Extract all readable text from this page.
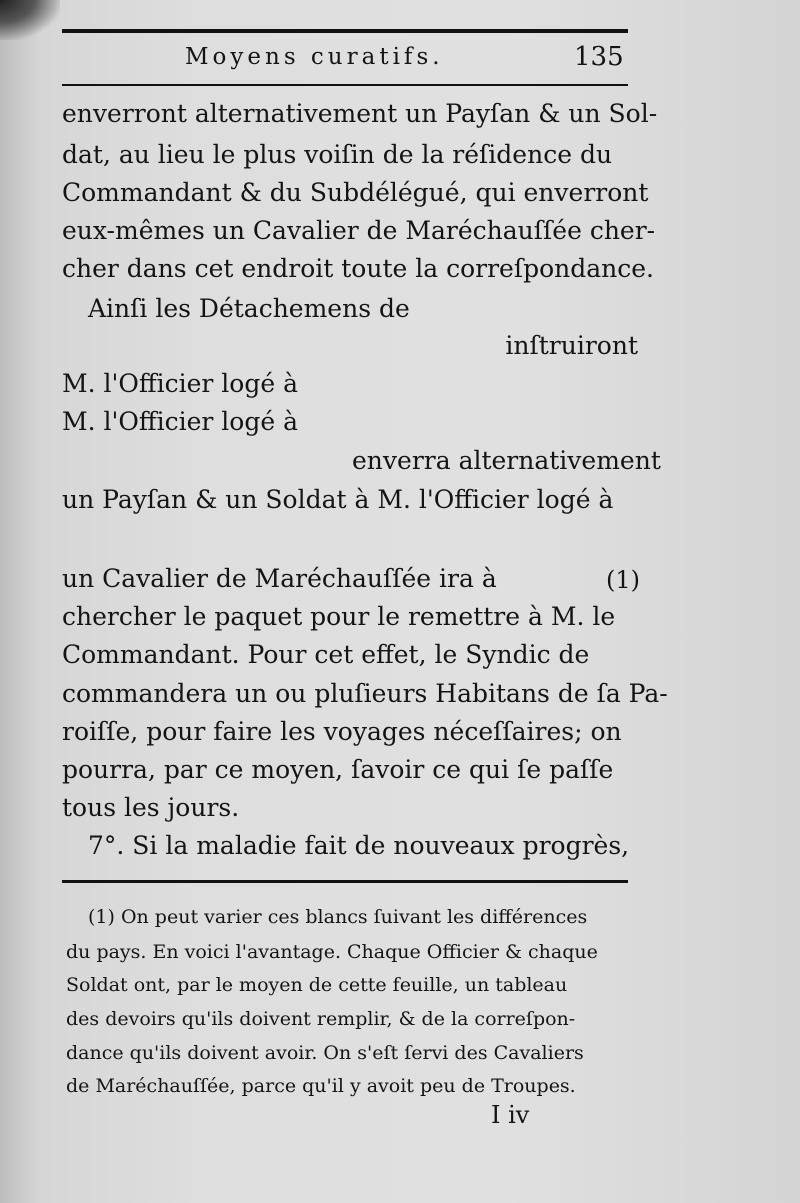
Moyens curatifs.	135
enverront alternativement un Payſan & un Sol-
dat, au lieu le plus voiſin de la réſidence du
Commandant & du Subdélégué, qui enverront
eux-mêmes un Cavalier de Maréchauſſée cher-
cher dans cet endroit toute la correſpondance.
Ainſi les Détachemens de
inſtruiront
M. l'Officier logé à
M. l'Officier logé à
enverra alternativement
un Payſan & un Soldat à M. l'Officier logé à
un Cavalier de Maréchauſſée ira à	(1)
chercher le paquet pour le remettre à M. le
Commandant. Pour cet effet, le Syndic de
commandera un ou pluſieurs Habitans de ſa Pa-
roiſſe, pour faire les voyages néceſſaires; on
pourra, par ce moyen, ſavoir ce qui ſe paſſe
tous les jours.
7°. Si la maladie fait de nouveaux progrès,
(1) On peut varier ces blancs ſuivant les différences
du pays. En voici l'avantage. Chaque Officier & chaque
Soldat ont, par le moyen de cette feuille, un tableau
des devoirs qu'ils doivent remplir, & de la correſpon-
dance qu'ils doivent avoir. On s'eſt ſervi des Cavaliers
de Maréchauſſée, parce qu'il y avoit peu de Troupes.
I iv
